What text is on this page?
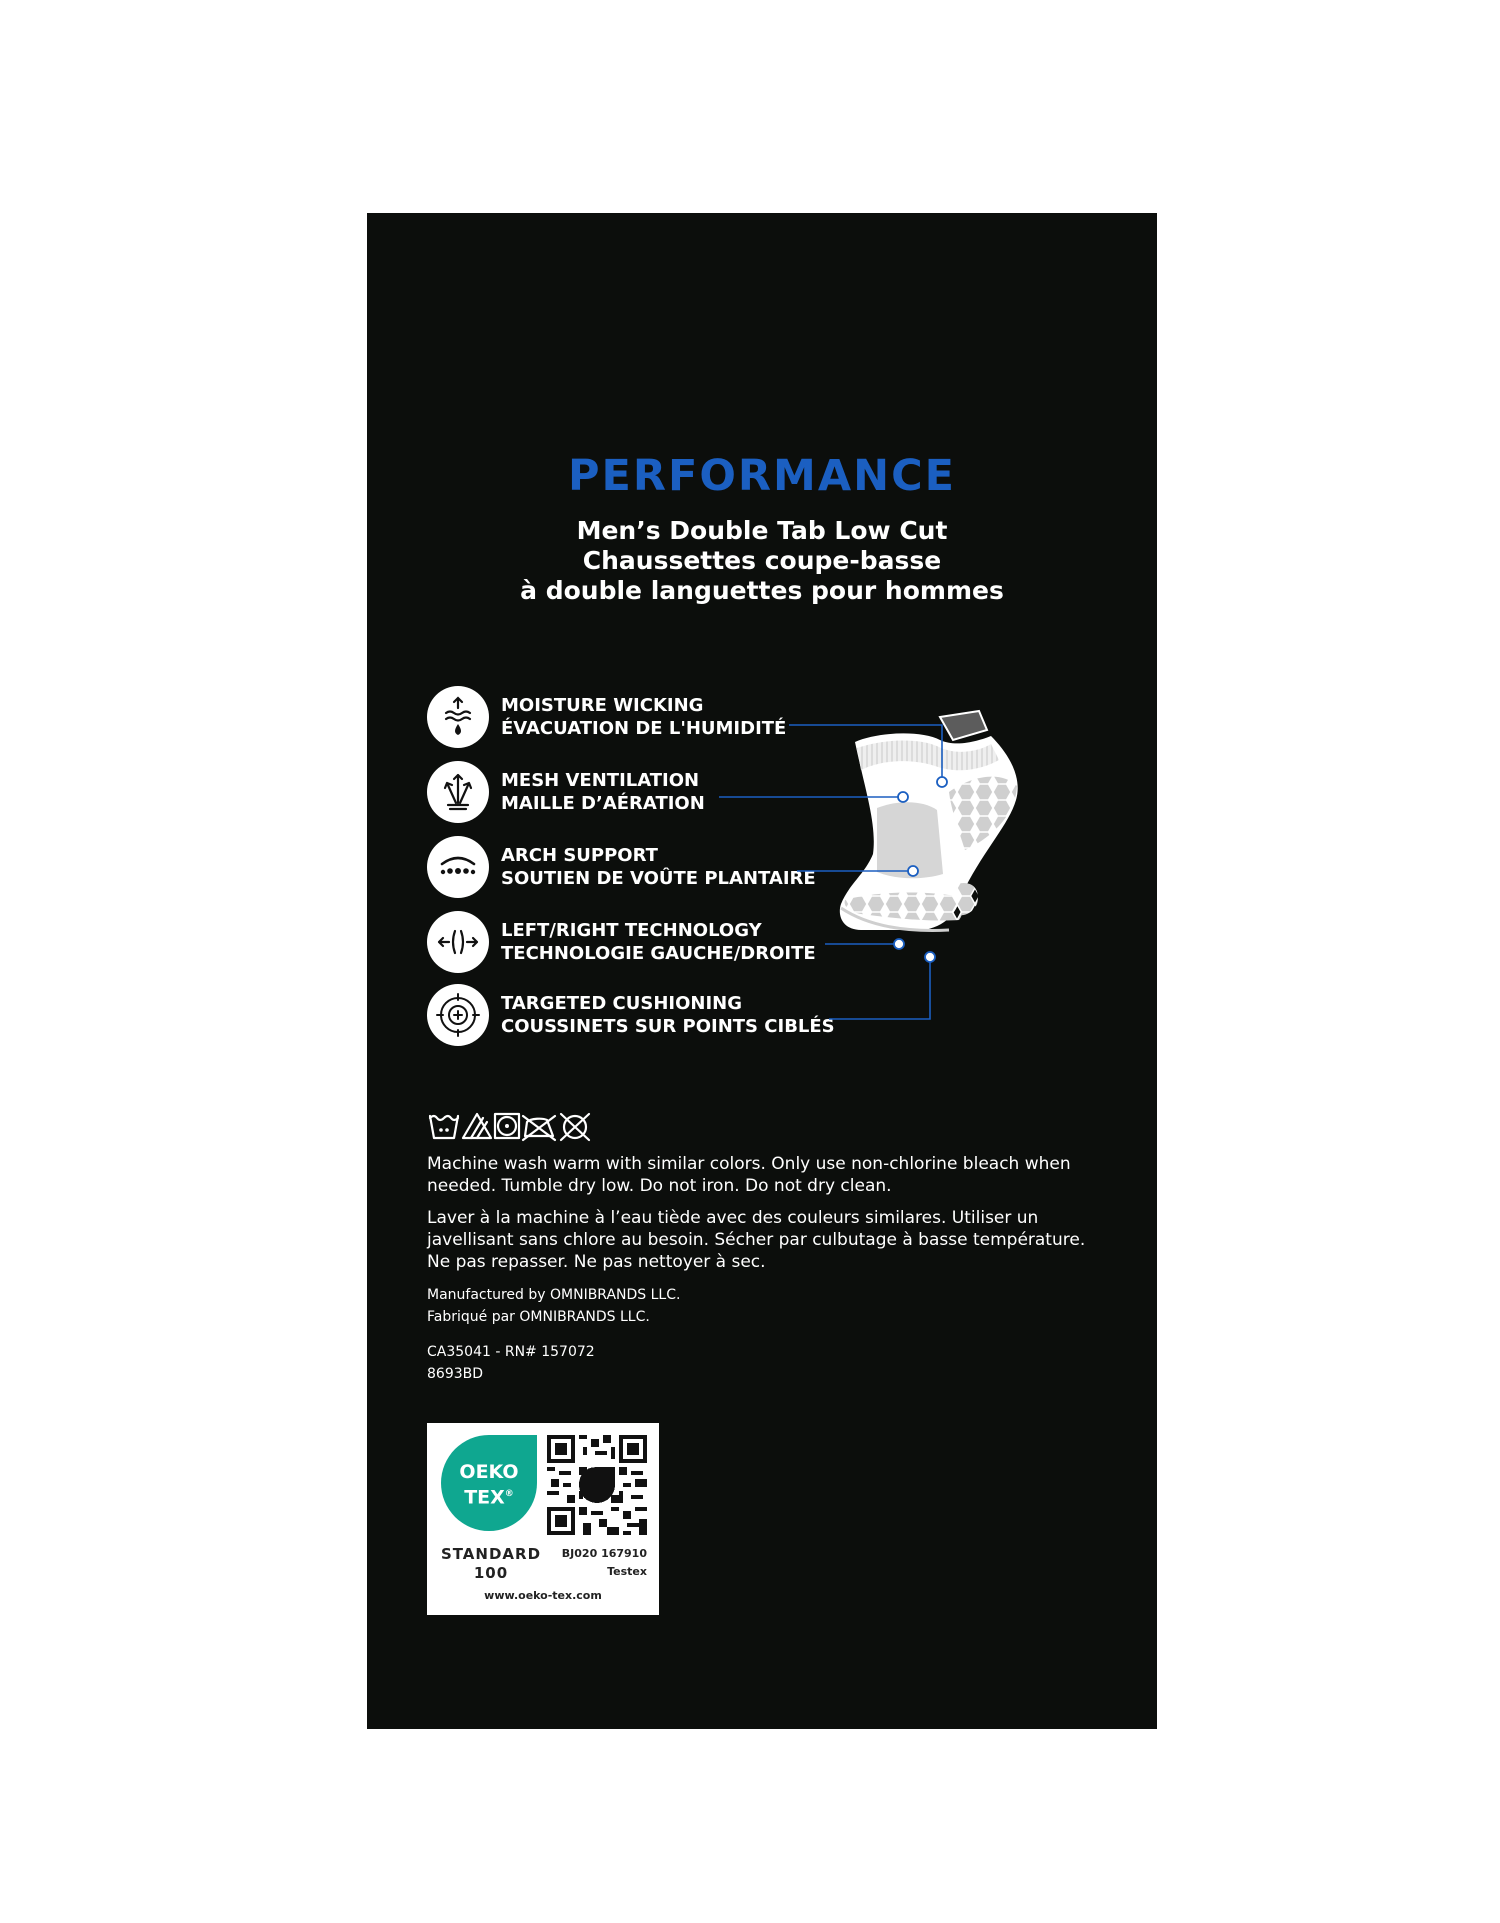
PERFORMANCE
Men’s Double Tab Low Cut
Chaussettes coupe-basse
à double languettes pour hommes
MOISTURE WICKING
ÉVACUATION DE L'HUMIDITÉ
MESH VENTILATION
MAILLE D’AÉRATION
ARCH SUPPORT
SOUTIEN DE VOÛTE PLANTAIRE
LEFT/RIGHT TECHNOLOGY
TECHNOLOGIE GAUCHE/DROITE
TARGETED CUSHIONING
COUSSINETS SUR POINTS CIBLÉS
Machine wash warm with similar colors. Only use non-chlorine bleach when needed. Tumble dry low. Do not iron. Do not dry clean.
Laver à la machine à l’eau tiède avec des couleurs similares. Utiliser un javellisant sans chlore au besoin. Sécher par culbutage à basse température. Ne pas repasser. Ne pas nettoyer à sec.
Manufactured by OMNIBRANDS LLC.
Fabriqué par OMNIBRANDS LLC.
CA35041 - RN# 157072
8693BD
OEKO
TEX®
STANDARD
100
BJ020 167910
Testex
www.oeko-tex.com
